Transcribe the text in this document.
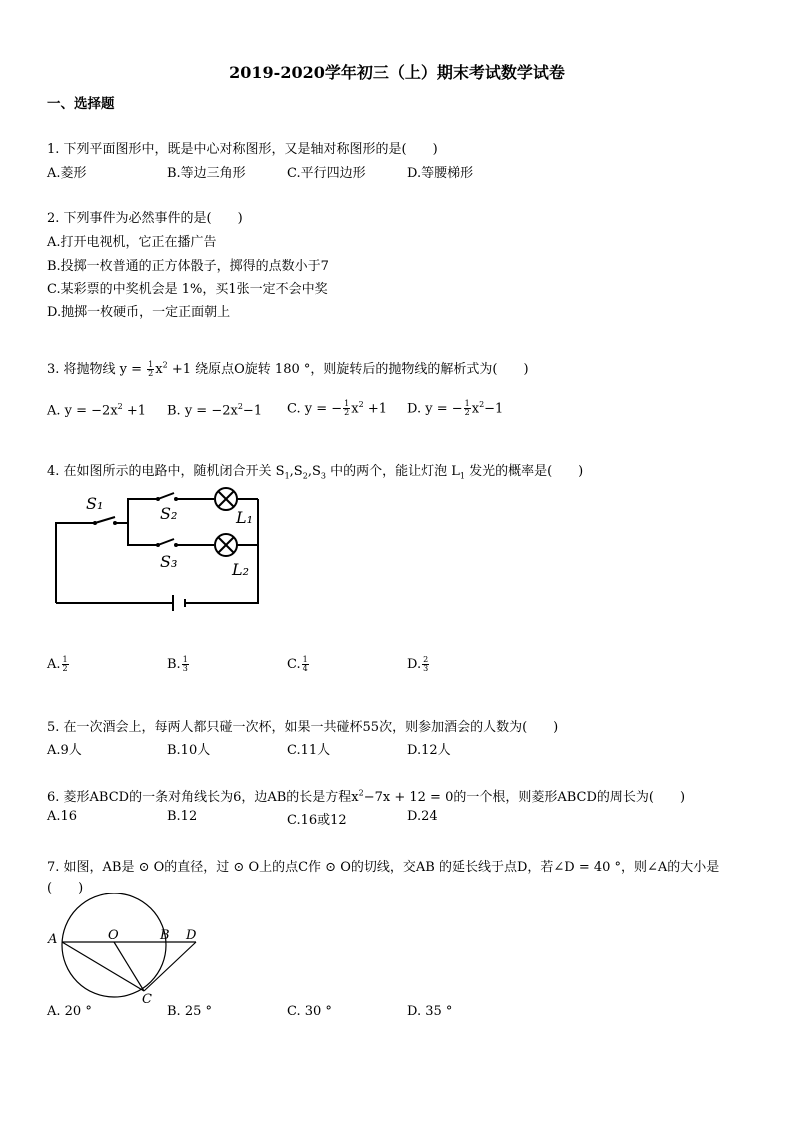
2019-2020学年初三（上）期末考试数学试卷
一、选择题
1. 下列平面图形中，既是中心对称图形，又是轴对称图形的是(　　)
A.菱形	B.等边三角形	C.平行四边形	D.等腰梯形
2. 下列事件为必然事件的是(　　)
A.打开电视机，它正在播广告
B.投掷一枚普通的正方体骰子，掷得的点数小于7
C.某彩票的中奖机会是 1%，买1张一定不会中奖
D.抛掷一枚硬币，一定正面朝上
3. 将抛物线 $y = \frac{1}{2} x^2 +1$ 绕原点O旋转 180 °，则旋转后的抛物线的解析式为(　　)
A. $y = -2x^2 +1$ B. $y = -2x^2-1$ C. y = − $\frac{1}{2} x^2 +1$ D. y = − $\frac{1}{2} x^2-1$
4. 在如图所示的电路中，随机闭合开关 $S_1,S_2,S_3$ 中的两个，能让灯泡 $L_1$ 发光的概率是(　　)
S₁
S₂
S₃
L₁
L₂
A. $\frac{1}{2}$	B. $\frac{1}{3}$	C. $\frac{1}{4}$	D. $\frac{2}{3}$
5. 在一次酒会上，每两人都只碰一次杯，如果一共碰杯55次，则参加酒会的人数为(　　)
A.9人	B.10人	C.11人	D.12人
6. 菱形ABCD的一条对角线长为6，边AB的长是方程$x^2-7x + 12 = 0$的一个根，则菱形ABCD的周长为(　　)
A.16	B.12	C.16或12	D.24
7. 如图，AB是 ⊙ O的直径，过 ⊙ O上的点C作 ⊙ O的切线，交AB 的延长线于点D，若∠D = 40 °，则∠A的大小是
(　　)
A	O	B D
C
A. 20 °	B. 25 °	C. 30 °	D. 35 °
